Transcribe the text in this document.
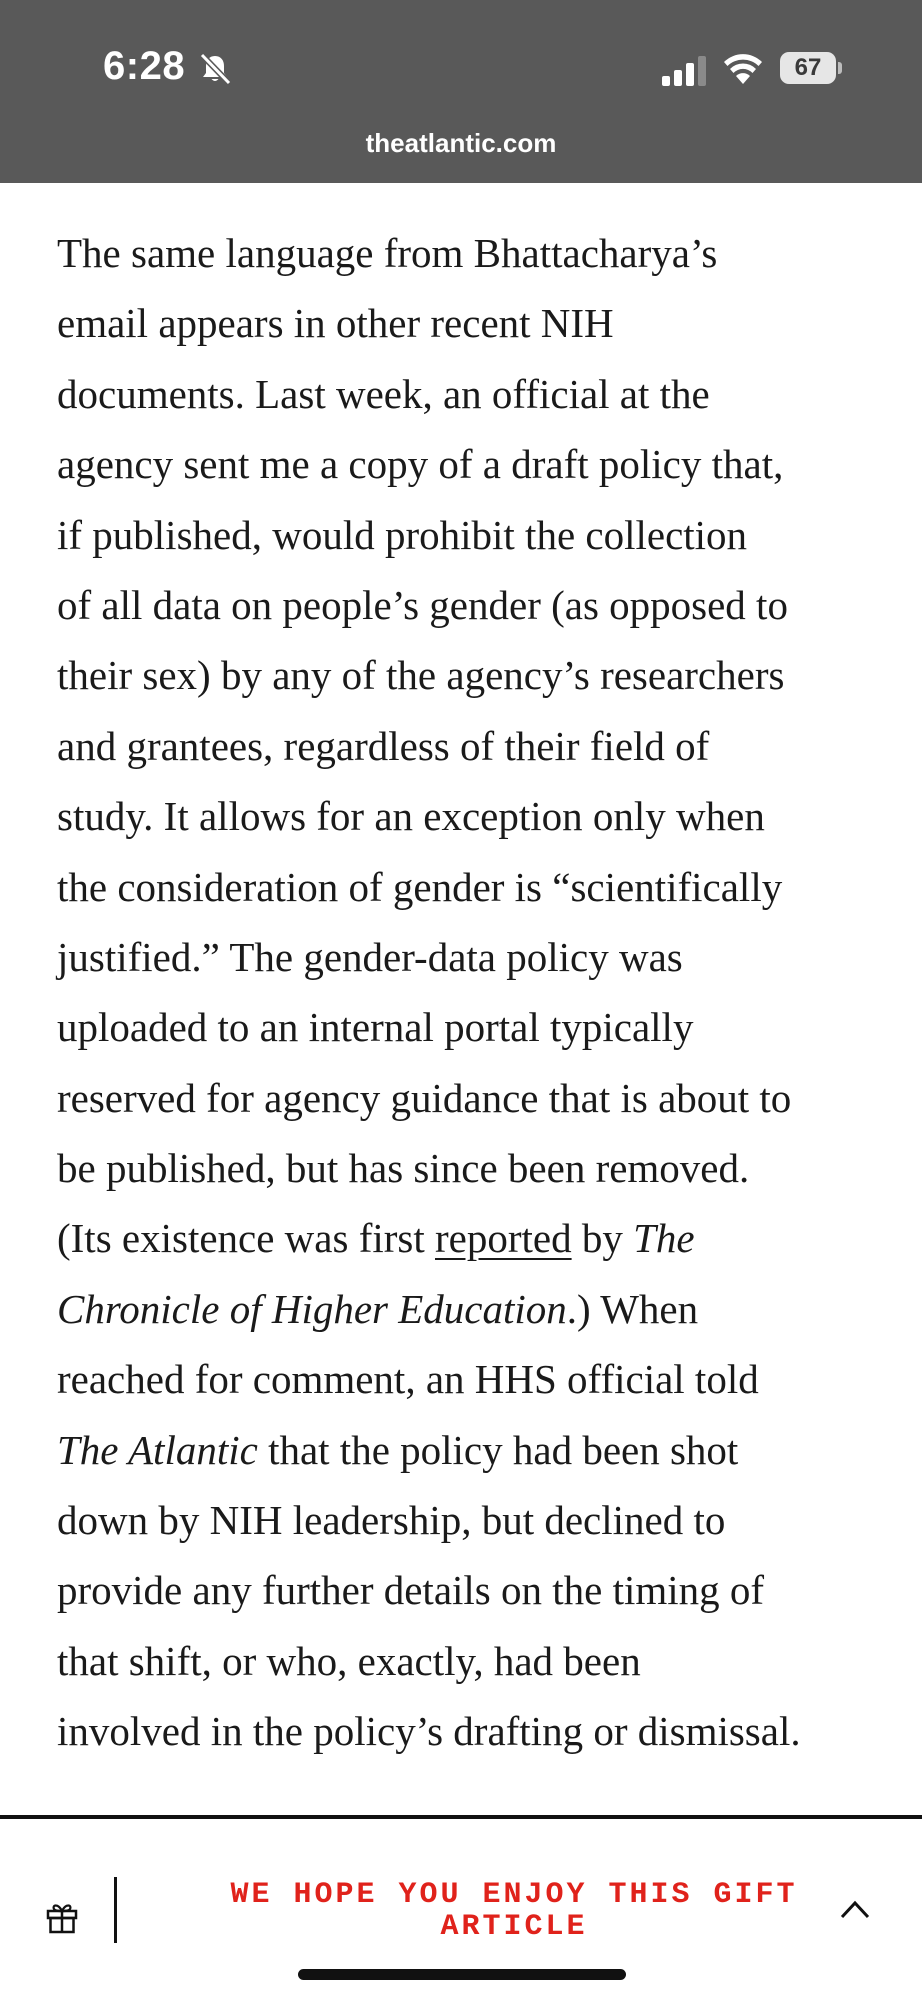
6:28	67
theatlantic.com
The same language from Bhattacharya’s
email appears in other recent NIH
documents. Last week, an official at the
agency sent me a copy of a draft policy that,
if published, would prohibit the collection
of all data on people’s gender (as opposed to
their sex) by any of the agency’s researchers
and grantees, regardless of their field of
study. It allows for an exception only when
the consideration of gender is “scientifically
justified.” The gender-data policy was
uploaded to an internal portal typically
reserved for agency guidance that is about to
be published, but has since been removed.
(Its existence was first reported by The
Chronicle of Higher Education.) When
reached for comment, an HHS official told
The Atlantic that the policy had been shot
down by NIH leadership, but declined to
provide any further details on the timing of
that shift, or who, exactly, had been
involved in the policy’s drafting or dismissal.
WE HOPE YOU ENJOY THIS GIFT ARTICLE
